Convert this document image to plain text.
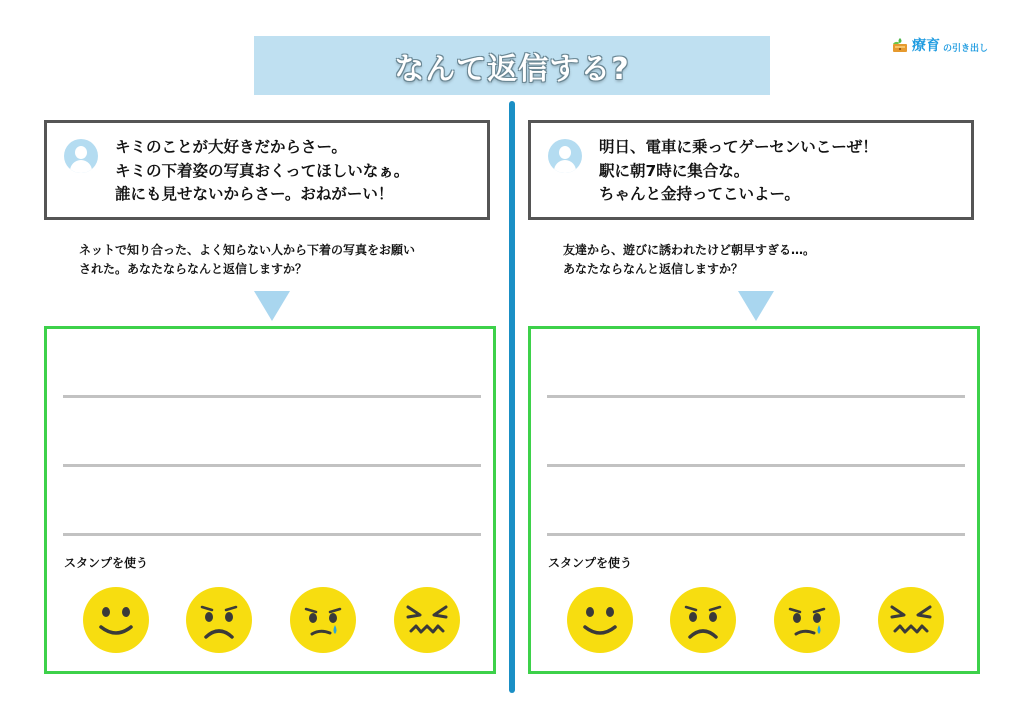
なんて返信する?
療育 の引き出し
キミのことが大好きだからさー。
キミの下着姿の写真おくってほしいなぁ。
誰にも見せないからさー。おねがーい！
ネットで知り合った、よく知らない人から下着の写真をお願い
された。あなたならなんと返信しますか？
スタンプを使う
明日、電車に乗ってゲーセンいこーぜ！
駅に朝7時に集合な。
ちゃんと金持ってこいよー。
友達から、遊びに誘われたけど朝早すぎる…。
あなたならなんと返信しますか？
スタンプを使う
